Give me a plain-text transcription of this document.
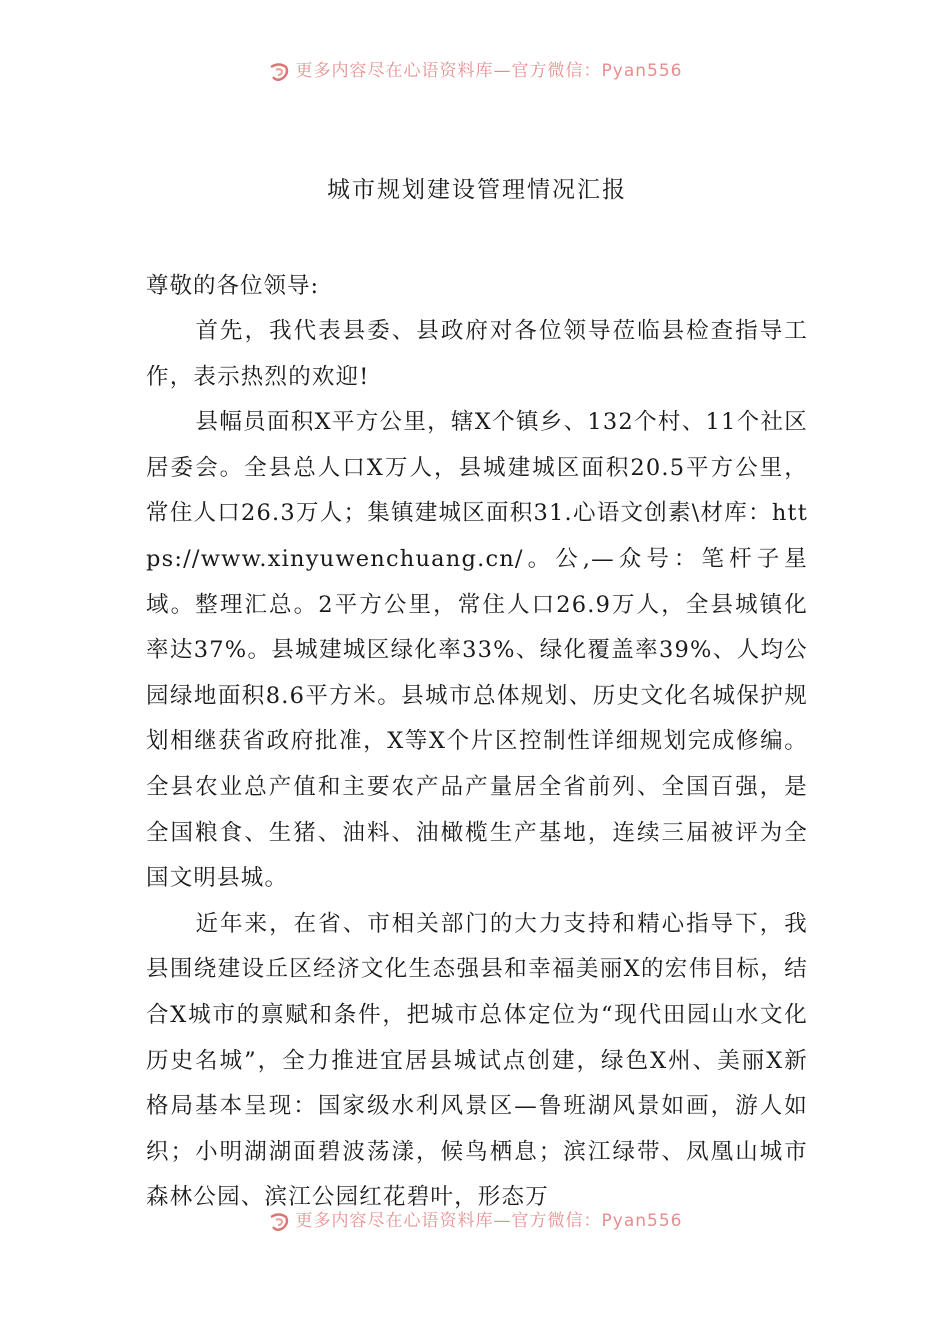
更多内容尽在心语资料库—官方微信：Pyan556
城市规划建设管理情况汇报

尊敬的各位领导:

首先，我代表县委、县政府对各位领导莅临县检查指导工作，表示热烈的欢迎!

县幅员面积X平方公里，辖X个镇乡、132个村、11个社区居委会。全县总人口X万人，县城建城区面积20.5平方公里，常住人口26.3万人；集镇建城区面积31.心语文创素\材库：https://www.xinyuwenchuang.cn/。公,—众号：笔杆子星域。整理汇总。2平方公里，常住人口26.9万人，全县城镇化率达37%。县城建城区绿化率33%、绿化覆盖率39%、人均公园绿地面积8.6平方米。县城市总体规划、历史文化名城保护规划相继获省政府批准，X等X个片区控制性详细规划完成修编。全县农业总产值和主要农产品产量居全省前列、全国百强，是全国粮食、生猪、油料、油橄榄生产基地，连续三届被评为全国文明县城。

近年来，在省、市相关部门的大力支持和精心指导下，我县围绕建设丘区经济文化生态强县和幸福美丽X的宏伟目标，结合X城市的禀赋和条件，把城市总体定位为“现代田园山水文化历史名城”，全力推进宜居县城试点创建，绿色X州、美丽X新格局基本呈现：国家级水利风景区—鲁班湖风景如画，游人如织；小明湖湖面碧波荡漾，候鸟栖息；滨江绿带、凤凰山城市森林公园、滨江公园红花碧叶，形态万

更多内容尽在心语资料库—官方微信：Pyan556
